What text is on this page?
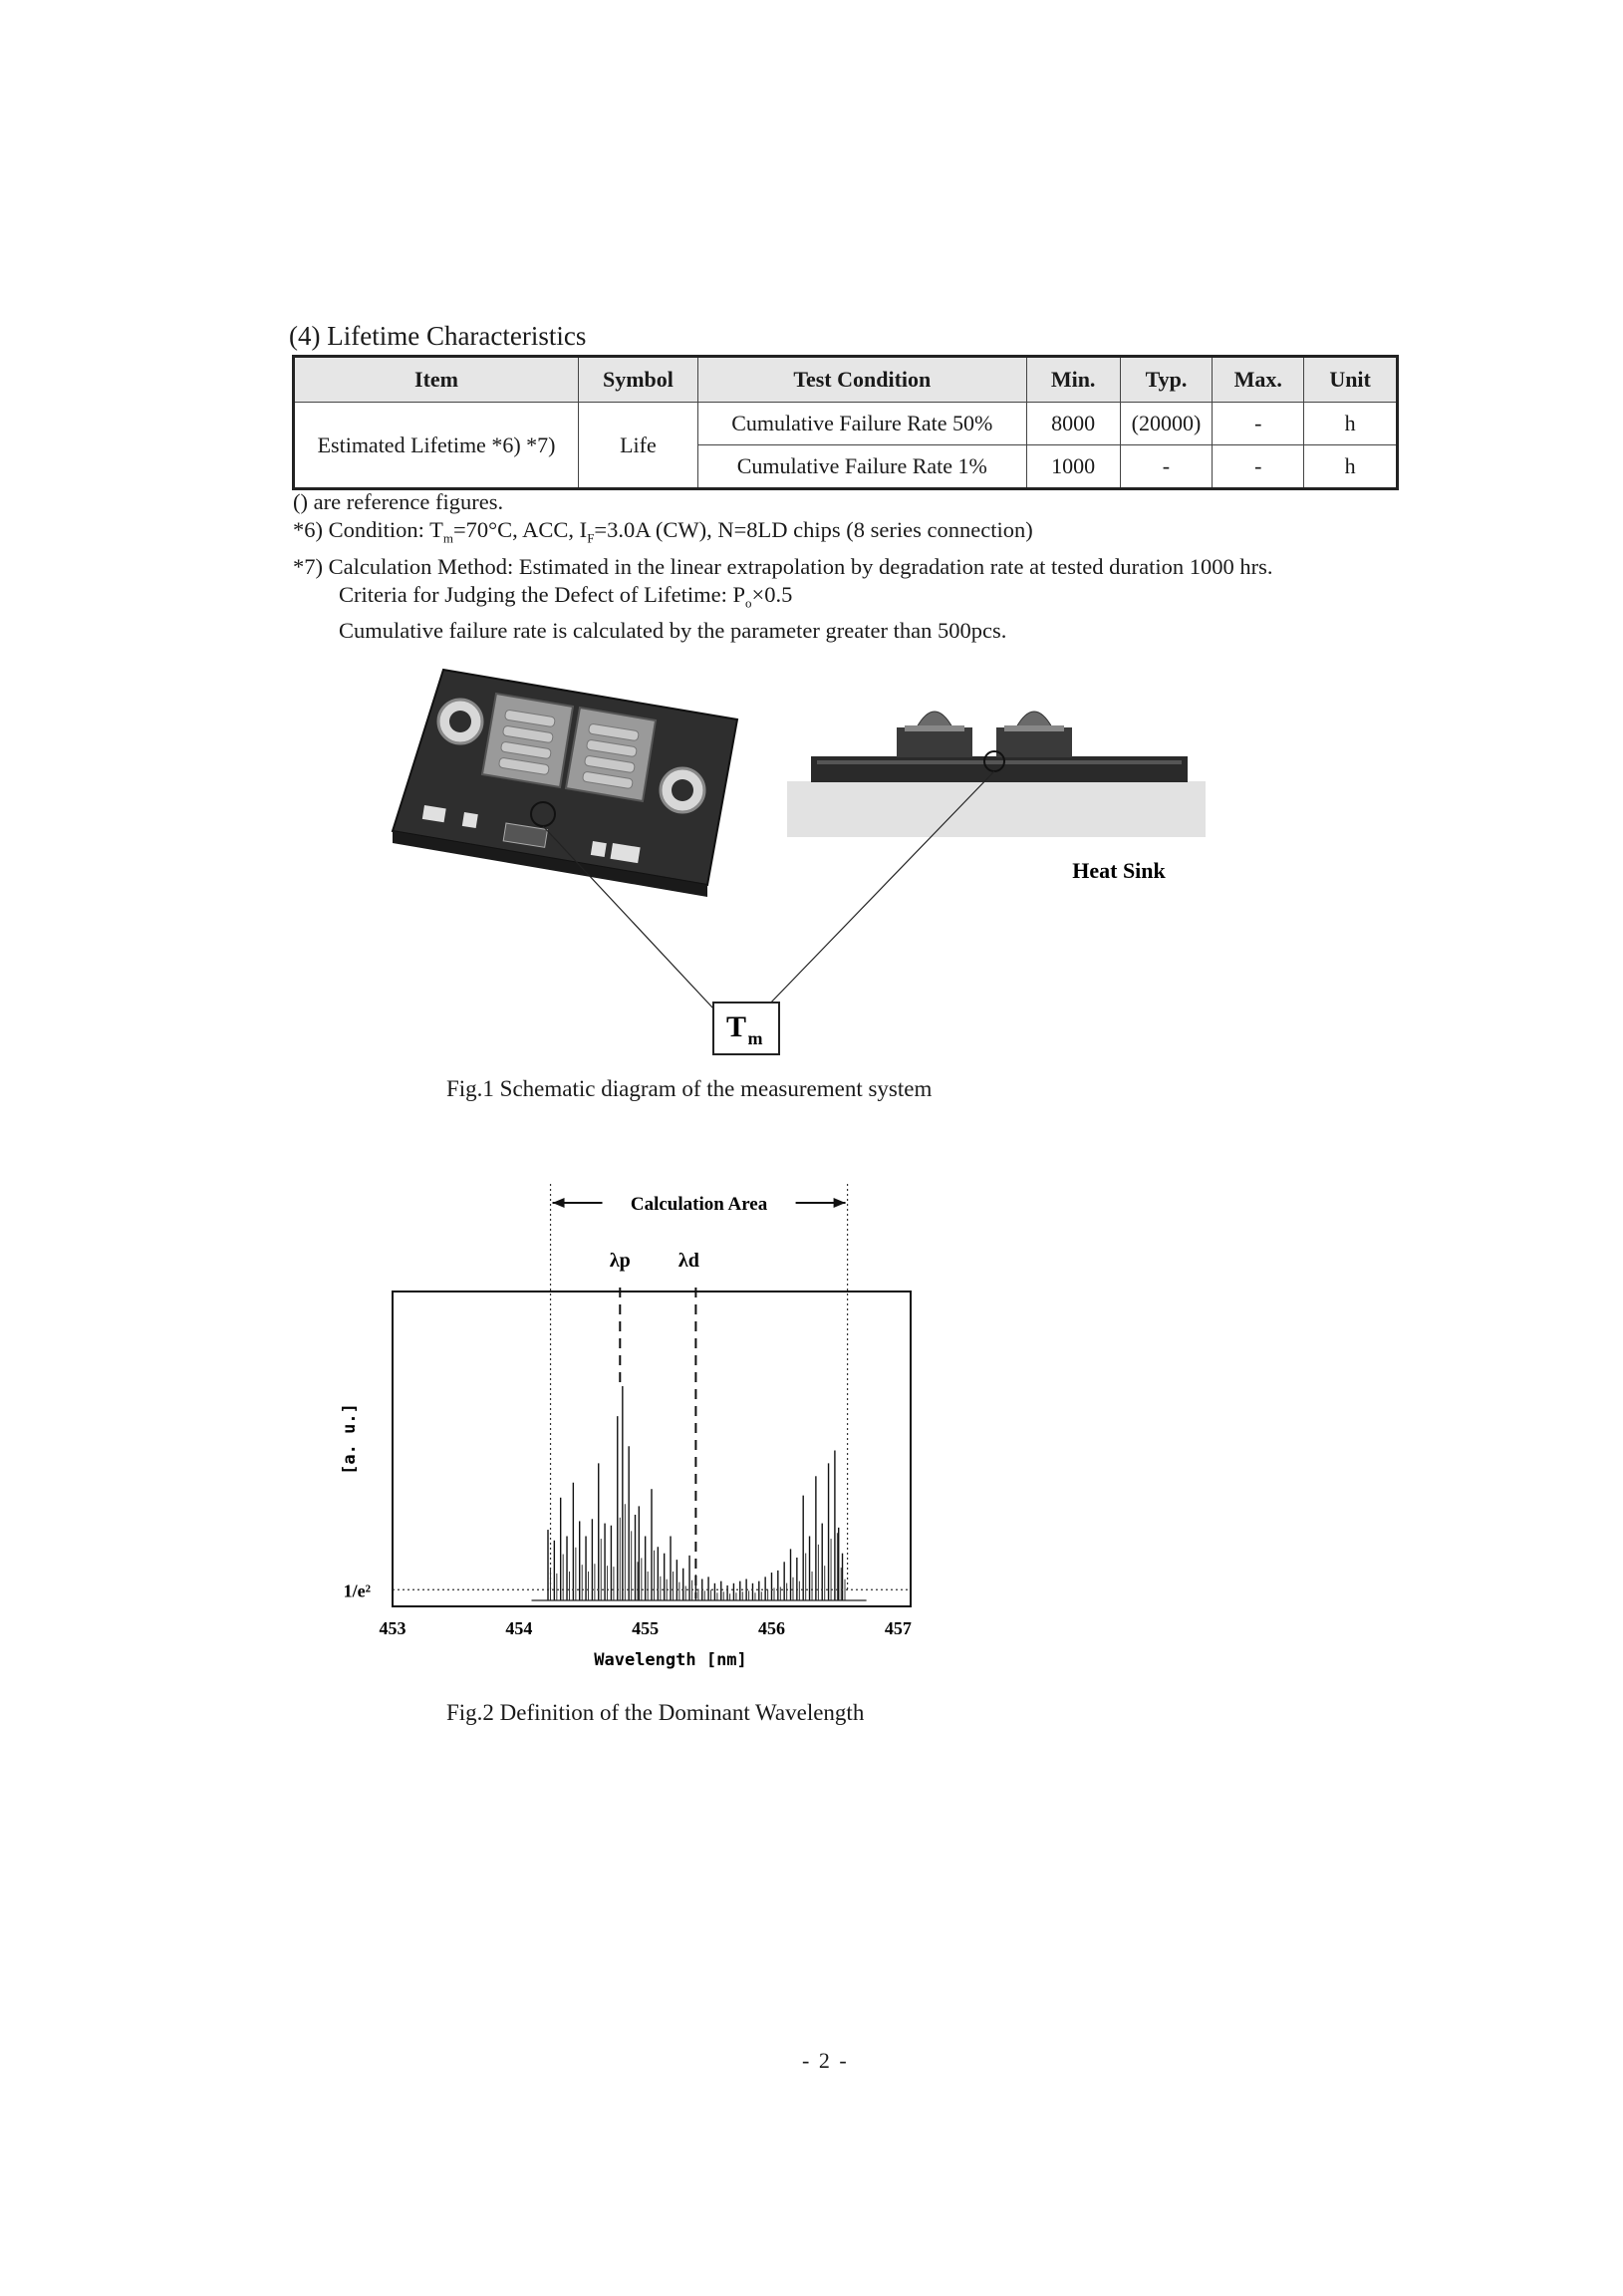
(4) Lifetime Characteristics
Item	Symbol	Test Condition	Min.	Typ.	Max.	Unit
Estimated Lifetime *6) *7)	Life	Cumulative Failure Rate 50%	8000	(20000)	-	h
		Cumulative Failure Rate 1%	1000	-	-	h
() are reference figures.
*6) Condition: $T_m=70^\circ C$, ACC, $I_F=3.0A$ (CW), N=8LD chips (8 series connection)
*7) Calculation Method: Estimated in the linear extrapolation by degradation rate at tested duration 1000 hrs.
Criteria for Judging the Defect of Lifetime: $P_o\times 0.5$
Cumulative failure rate is calculated by the parameter greater than 500pcs.
Heat Sink
T m
Fig.1 Schematic diagram of the measurement system
453	454	455	456	457
Calculation Area
λp λd
1/e²
[a. u.]
Wavelength [nm]
Fig.2 Definition of the Dominant Wavelength
- 2 -
